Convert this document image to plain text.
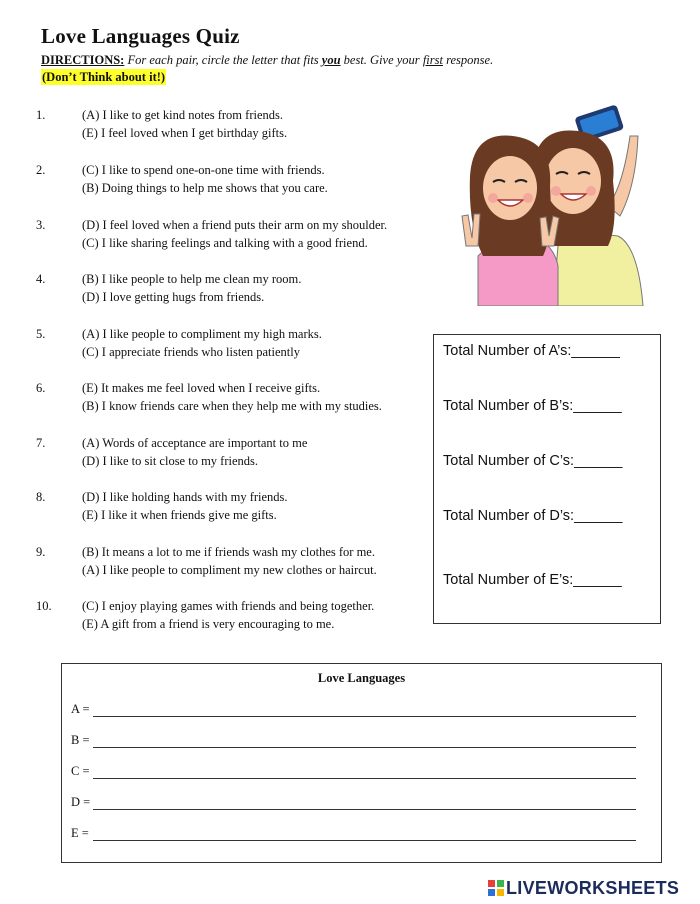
Love Languages Quiz
DIRECTIONS: For each pair, circle the letter that fits you best. Give your first response.
(Don’t Think about it!)
1.	(A) I like to get kind notes from friends.
(E) I feel loved when I get birthday gifts.
2.	(C) I like to spend one-on-one time with friends.
(B) Doing things to help me shows that you care.
3.	(D) I feel loved when a friend puts their arm on my shoulder.
(C) I like sharing feelings and talking with a good friend.
4.	(B) I like people to help me clean my room.
(D) I love getting hugs from friends.
5.	(A) I like people to compliment my high marks.
(C) I appreciate friends who listen patiently
6.	(E) It makes me feel loved when I receive gifts.
(B) I know friends care when they help me with my studies.
7.	(A) Words of acceptance are important to me
(D) I like to sit close to my friends.
8.	(D) I like holding hands with my friends.
(E) I like it when friends give me gifts.
9.	(B) It means a lot to me if friends wash my clothes for me.
(A) I like people to compliment my new clothes or haircut.
10.	(C) I enjoy playing games with friends and being together.
(E) A gift from a friend is very encouraging to me.
Total Number of A’s:______
Total Number of B’s:______
Total Number of C’s:______
Total Number of D’s:______
Total Number of E’s:______
Love Languages
A =
B =
C =
D =
E =
LIVEWORKSHEETS
